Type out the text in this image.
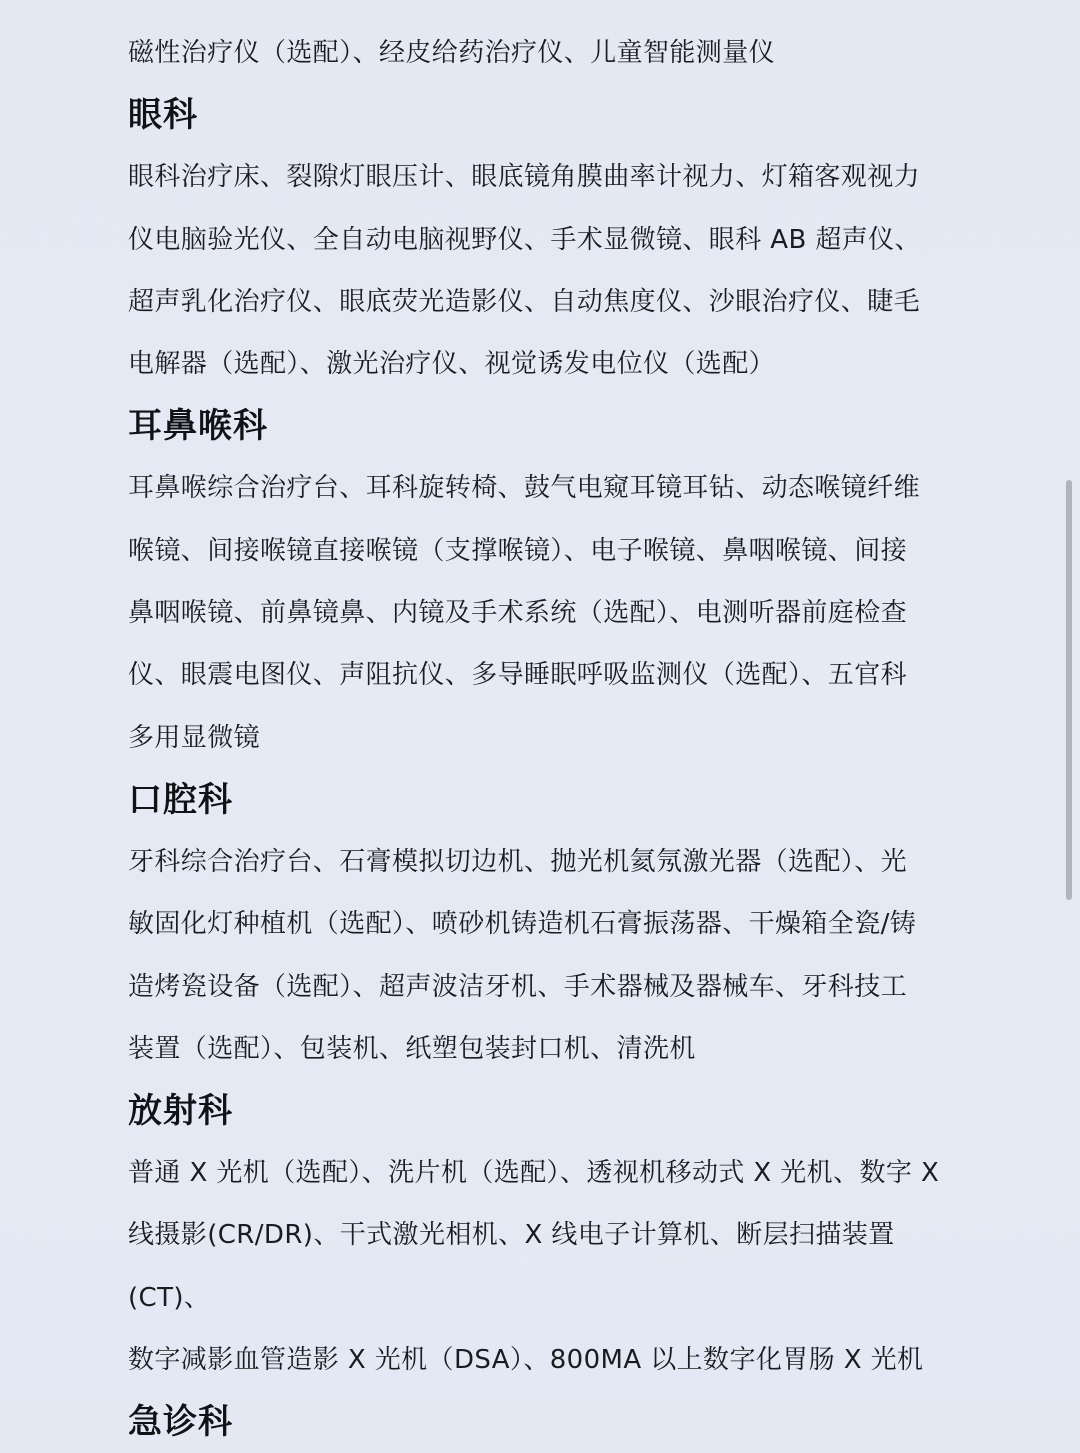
磁性治疗仪（选配）、经皮给药治疗仪、儿童智能测量仪

眼科

眼科治疗床、裂隙灯眼压计、眼底镜角膜曲率计视力、灯箱客观视力

仪电脑验光仪、全自动电脑视野仪、手术显微镜、眼科 AB 超声仪、

超声乳化治疗仪、眼底荧光造影仪、自动焦度仪、沙眼治疗仪、睫毛

电解器（选配）、激光治疗仪、视觉诱发电位仪（选配）

耳鼻喉科

耳鼻喉综合治疗台、耳科旋转椅、鼓气电窥耳镜耳钻、动态喉镜纤维

喉镜、间接喉镜直接喉镜（支撑喉镜）、电子喉镜、鼻咽喉镜、间接

鼻咽喉镜、前鼻镜鼻、内镜及手术系统（选配）、电测听器前庭检查

仪、眼震电图仪、声阻抗仪、多导睡眠呼吸监测仪（选配）、五官科

多用显微镜

口腔科

牙科综合治疗台、石膏模拟切边机、抛光机氦氖激光器（选配）、光

敏固化灯种植机（选配）、喷砂机铸造机石膏振荡器、干燥箱全瓷/铸

造烤瓷设备（选配）、超声波洁牙机、手术器械及器械车、牙科技工

装置（选配）、包装机、纸塑包装封口机、清洗机

放射科

普通 X 光机（选配）、洗片机（选配）、透视机移动式 X 光机、数字 X

线摄影(CR/DR)、干式激光相机、X 线电子计算机、断层扫描装置(CT)、

数字减影血管造影 X 光机（DSA）、800MA 以上数字化胃肠 X 光机

急诊科
